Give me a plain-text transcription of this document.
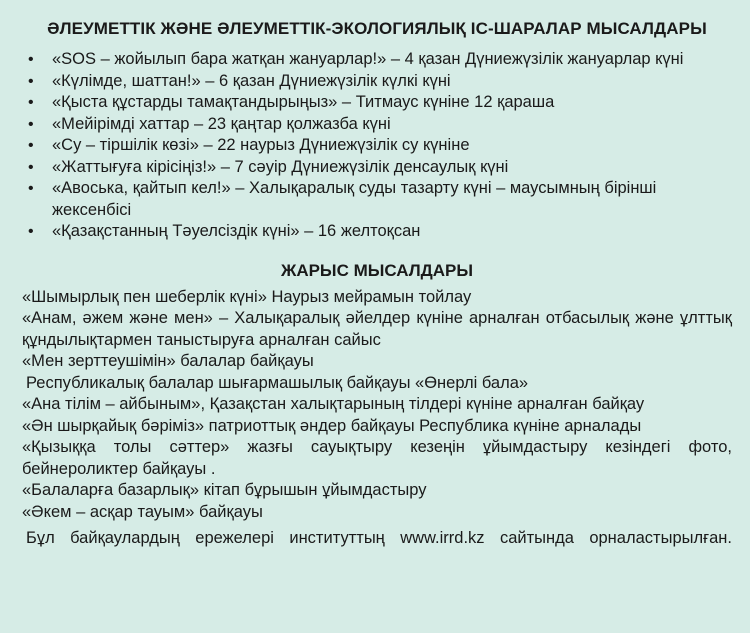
ӘЛЕУМЕТТІК ЖӘНЕ ӘЛЕУМЕТТІК-ЭКОЛОГИЯЛЫҚ ІС-ШАРАЛАР МЫСАЛДАРЫ
• «SOS – жойылып бара жатқан жануарлар!» – 4 қазан Дүниежүзілік жануарлар күні
• «Күлімде, шаттан!» – 6 қазан Дүниежүзілік күлкі күні
• «Қыста құстарды тамақтандырыңыз» – Титмаус күніне 12 қараша
• «Мейірімді хаттар – 23 қаңтар қолжазба күні
• «Су – тіршілік көзі» – 22 наурыз Дүниежүзілік су күніне
• «Жаттығуға кірісіңіз!» – 7 сәуір Дүниежүзілік денсаулық күні
• «Авоська, қайтып кел!» – Халықаралық суды тазарту күні – маусымның бірінші жексенбісі
• «Қазақстанның Тәуелсіздік күні» – 16 желтоқсан
ЖАРЫС МЫСАЛДАРЫ
«Шымырлық пен шеберлік күні» Наурыз мейрамын тойлау
«Анам, әжем және мен» – Халықаралық әйелдер күніне арналған отбасылық және ұлттық құндылықтармен таныстыруға арналған сайыс
«Мен зерттеушімін» балалар байқауы
Республикалық балалар шығармашылық байқауы «Өнерлі бала»
«Ана тілім – айбыным», Қазақстан халықтарының тілдері күніне арналған байқау
«Ән шырқайық бәріміз» патриоттық әндер байқауы Республика күніне арналады
«Қызыққа толы сәттер» жазғы сауықтыру кезеңін ұйымдастыру кезіндегі фото, бейнероликтер байқауы .
«Балаларға базарлық» кітап бұрышын ұйымдастыру
«Әкем – асқар тауым» байқауы
Бұл байқаулардың ережелері институттың www.irrd.kz сайтында орналастырылған.
